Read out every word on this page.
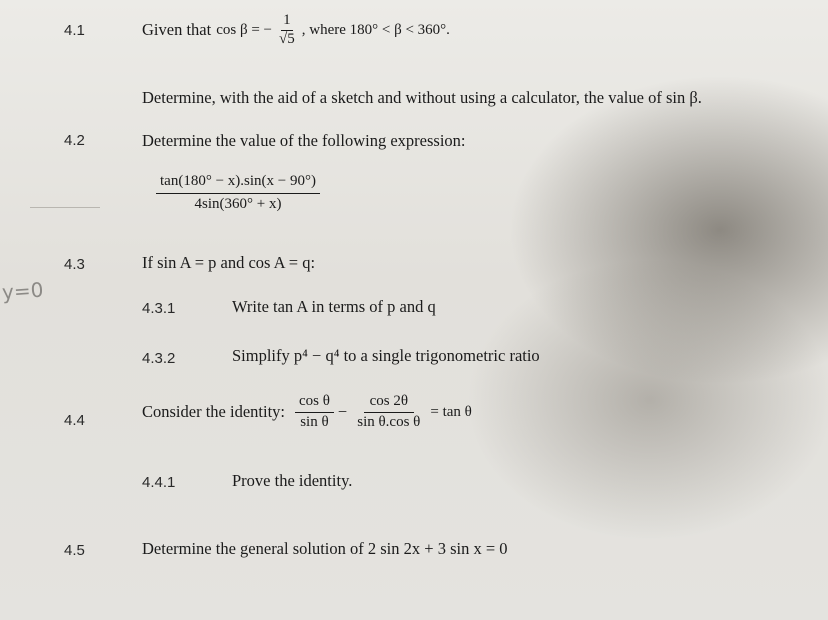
y=0
4.1	Given that cos β = − $\frac{1}{√5}$ , where 180° < β < 360°.
Determine, with the aid of a sketch and without using a calculator, the value of sin β.
4.2	Determine the value of the following expression:
$\frac{\tan(180^\circ - x).\sin(x - 90^\circ)}{4\sin(360^\circ + x)}$
4.3	If sin A = p and cos A = q:
4.3.1	Write tan A in terms of p and q
4.3.2	Simplify p⁴ − q⁴ to a single trigonometric ratio
4.4	Consider the identity: $\frac{\text{cos θ}}{\text{sin θ}} - \frac{\cos 2\theta}{\text{sin θ.cos θ}} = \tan \theta$
4.4.1	Prove the identity.
4.5	Determine the general solution of 2 sin 2x + 3 sin x = 0
